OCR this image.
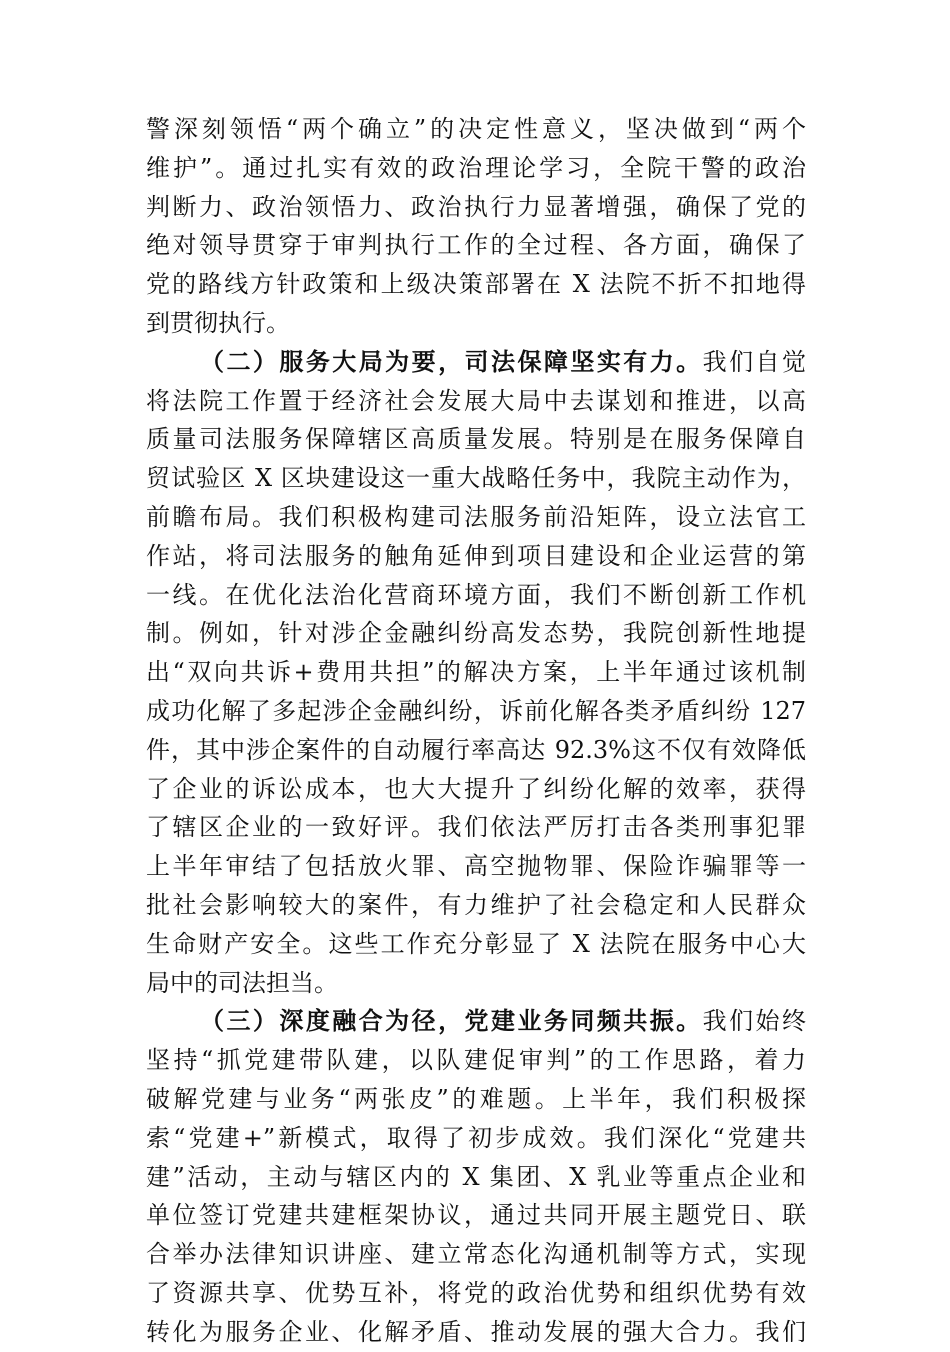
警深刻领悟“两个确立”的决定性意义，坚决做到“两个
维护”。通过扎实有效的政治理论学习，全院干警的政治
判断力、政治领悟力、政治执行力显著增强，确保了党的
绝对领导贯穿于审判执行工作的全过程、各方面，确保了
党的路线方针政策和上级决策部署在 X 法院不折不扣地得
到贯彻执行。
（二）服务大局为要，司法保障坚实有力。我们自觉
将法院工作置于经济社会发展大局中去谋划和推进，以高
质量司法服务保障辖区高质量发展。特别是在服务保障自
贸试验区 X 区块建设这一重大战略任务中，我院主动作为，
前瞻布局。我们积极构建司法服务前沿矩阵，设立法官工
作站，将司法服务的触角延伸到项目建设和企业运营的第
一线。在优化法治化营商环境方面，我们不断创新工作机
制。例如，针对涉企金融纠纷高发态势，我院创新性地提
出“双向共诉+费用共担”的解决方案，上半年通过该机制
成功化解了多起涉企金融纠纷，诉前化解各类矛盾纠纷 127
件，其中涉企案件的自动履行率高达 92.3%这不仅有效降低
了企业的诉讼成本，也大大提升了纠纷化解的效率，获得
了辖区企业的一致好评。我们依法严厉打击各类刑事犯罪
上半年审结了包括放火罪、高空抛物罪、保险诈骗罪等一
批社会影响较大的案件，有力维护了社会稳定和人民群众
生命财产安全。这些工作充分彰显了 X 法院在服务中心大
局中的司法担当。
（三）深度融合为径，党建业务同频共振。我们始终
坚持“抓党建带队建，以队建促审判”的工作思路，着力
破解党建与业务“两张皮”的难题。上半年，我们积极探
索“党建+”新模式，取得了初步成效。我们深化“党建共
建”活动，主动与辖区内的 X 集团、X 乳业等重点企业和
单位签订党建共建框架协议，通过共同开展主题党日、联
合举办法律知识讲座、建立常态化沟通机制等方式，实现
了资源共享、优势互补，将党的政治优势和组织优势有效
转化为服务企业、化解矛盾、推动发展的强大合力。我们
